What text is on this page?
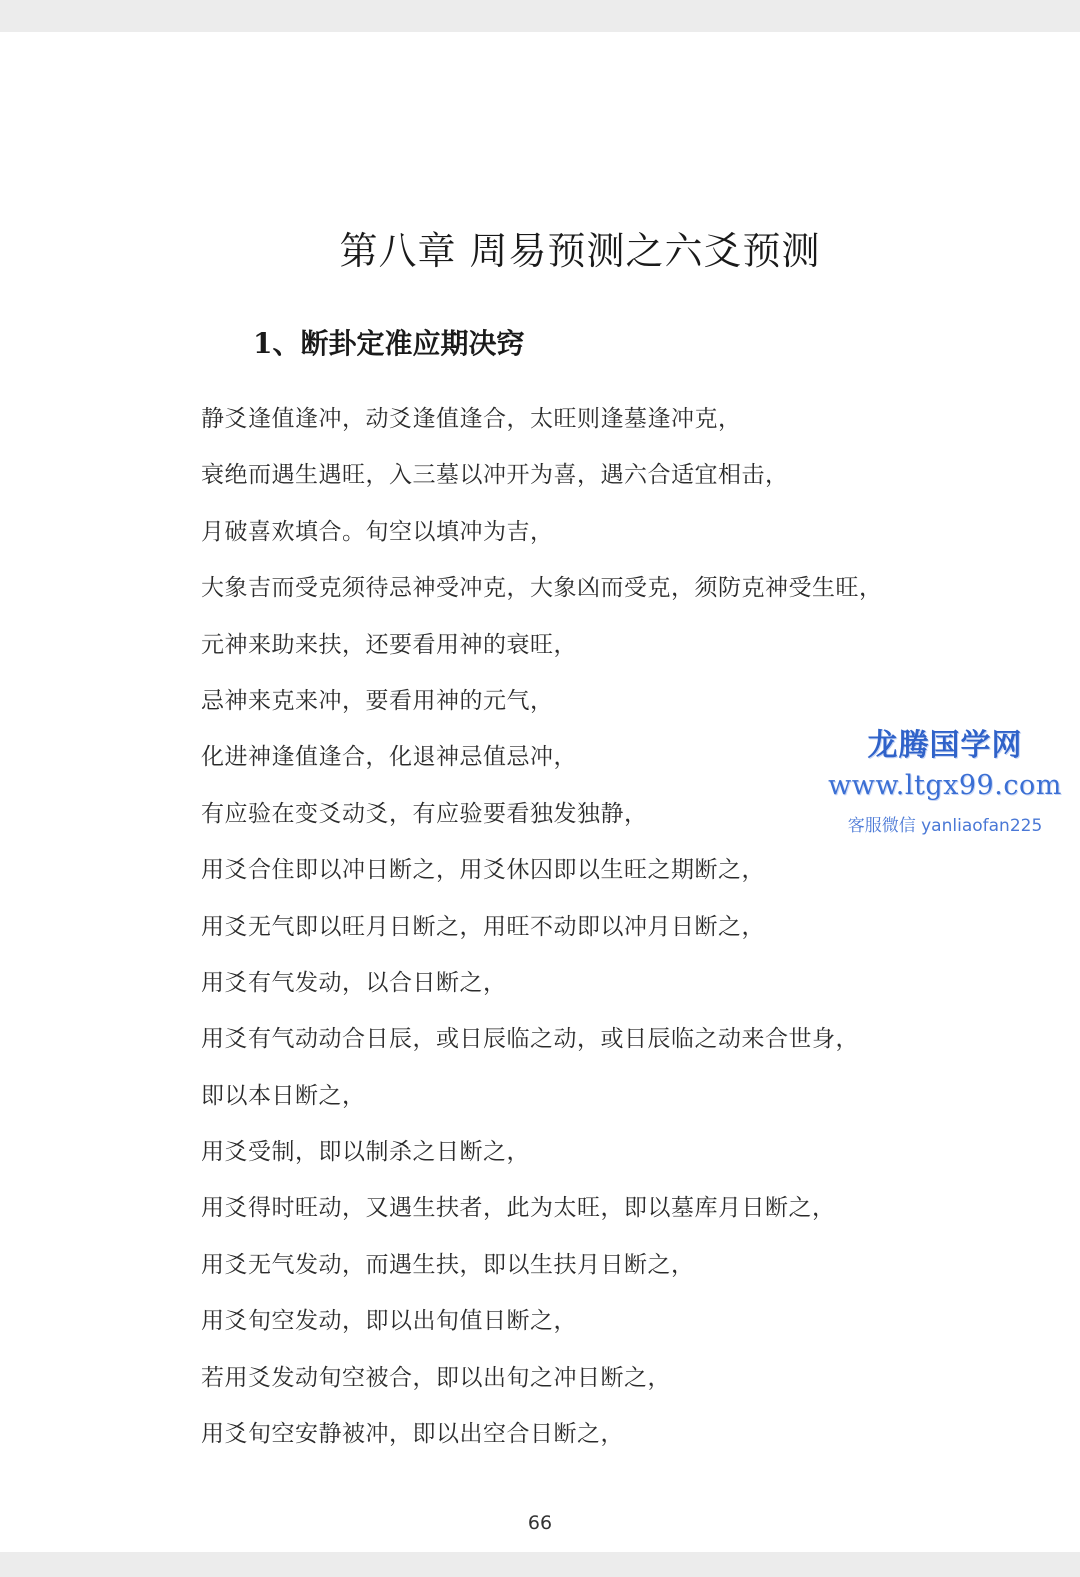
第八章 周易预测之六爻预测
1、断卦定准应期决窍
静爻逢值逢冲，动爻逢值逢合，太旺则逢墓逢冲克，
衰绝而遇生遇旺，入三墓以冲开为喜，遇六合适宜相击，
月破喜欢填合。旬空以填冲为吉，
大象吉而受克须待忌神受冲克，大象凶而受克，须防克神受生旺，
元神来助来扶，还要看用神的衰旺，
忌神来克来冲，要看用神的元气，
化进神逢值逢合，化退神忌值忌冲，
有应验在变爻动爻，有应验要看独发独静，
用爻合住即以冲日断之，用爻休囚即以生旺之期断之，
用爻无气即以旺月日断之，用旺不动即以冲月日断之，
用爻有气发动，以合日断之，
用爻有气动动合日辰，或日辰临之动，或日辰临之动来合世身，
即以本日断之，
用爻受制，即以制杀之日断之，
用爻得时旺动，又遇生扶者，此为太旺，即以墓库月日断之，
用爻无气发动，而遇生扶，即以生扶月日断之，
用爻旬空发动，即以出旬值日断之，
若用爻发动旬空被合，即以出旬之冲日断之，
用爻旬空安静被冲，即以出空合日断之，
66
龙腾国学网
www.ltgx99.com
客服微信 yanliaofan225
